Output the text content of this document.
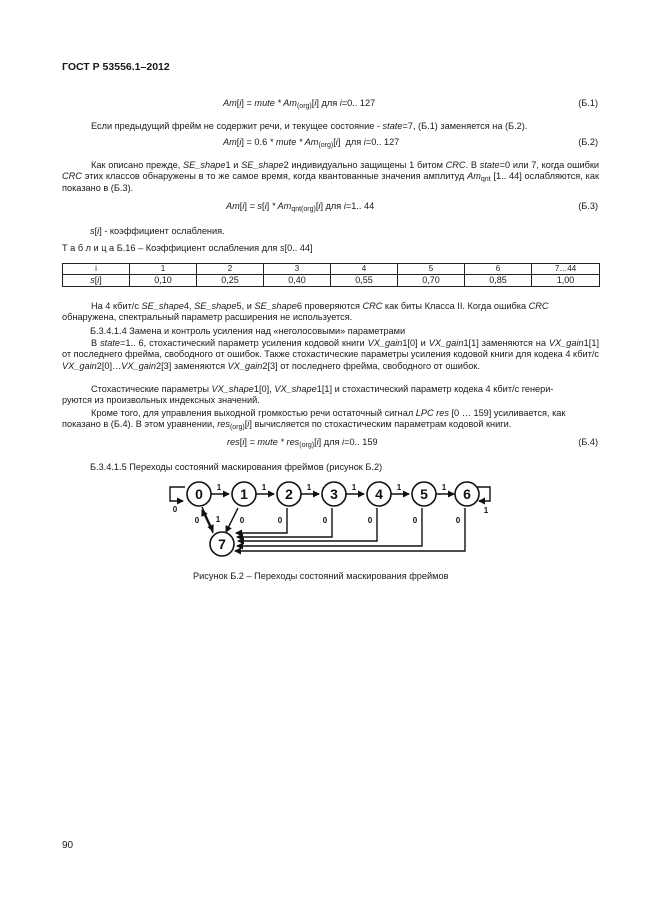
ГОСТ Р 53556.1–2012
Am[i] = mute * $Am_{(org)}[i]$ для i=0.. 127	(Б.1)
Если предыдущий фрейм не содержит речи, и текущее состояние - state=7, (Б.1) заменяется на (Б.2).
Am[i] = 0.6 * mute * $Am_{(org)}[i]$  для i=0.. 127	(Б.2)
Как описано прежде, SE_shape1 и SE_shape2 индивидуально защищены 1 битом CRC. В state=0 или 7, когда ошибки CRC этих классов обнаружены в то же самое время, когда квантованные значения амплитуд $Am_{qnt}$ [1.. 44] ослабляются, как показано в (Б.3).
$Am[i] = s[i] * Am_{qnt(org)}[i]$ для i=1.. 44	(Б.3)
s[i] - коэффициент ослабления.
Т а б л и ц а Б.16 – Коэффициент ослабления для s[0.. 44]
i	1	2	3	4	5	6	7…44
s[i]	0,10	0,25	0,40	0,55	0,70	0,85	1,00
На 4 кбит/с SE_shape4, SE_shape5, и SE_shape6 проверяются CRC как биты Класса II. Когда ошибка CRC
обнаружена, спектральный параметр расширения не используется.
Б.3.4.1.4 Замена и контроль усиления над «неголосовыми» параметрами
В state=1.. 6, стохастический параметр усиления кодовой книги VX_gain1[0] и VX_gain1[1] заменяются на VX_gain1[1] от последнего фрейма, свободного от ошибок. Также стохастические параметры усиления кодовой книги для кодека 4 кбит/с VX_gain2[0]…VX_gain2[3] заменяются VX_gain2[3] от последнего фрейма, свободного от ошибок.
Стохастические параметры VX_shape1[0], VX_shape1[1] и стохастический параметр кодека 4 кбит/с генери-
руются из произвольных индексных значений.
Кроме того, для управления выходной громкостью речи остаточный сигнал LPC res [0 … 159] усиливается, как
показано в (Б.4). В этом уравнении, res$_{(org)}$[i] вычисляется по стохастическим параметрам кодовой книги.
res[i] = mute * res$_{(org)}$[i] для i=0.. 159	(Б.4)
Б.3.4.1.5 Переходы состояний маскирования фреймов (рисунок Б.2)
0	1	2	3	4	5	6
7
1	1	1	1	1	1
1
1
0
0	0	0	0	0	0	0
Рисунок Б.2 – Переходы состояний маскирования фреймов
90
